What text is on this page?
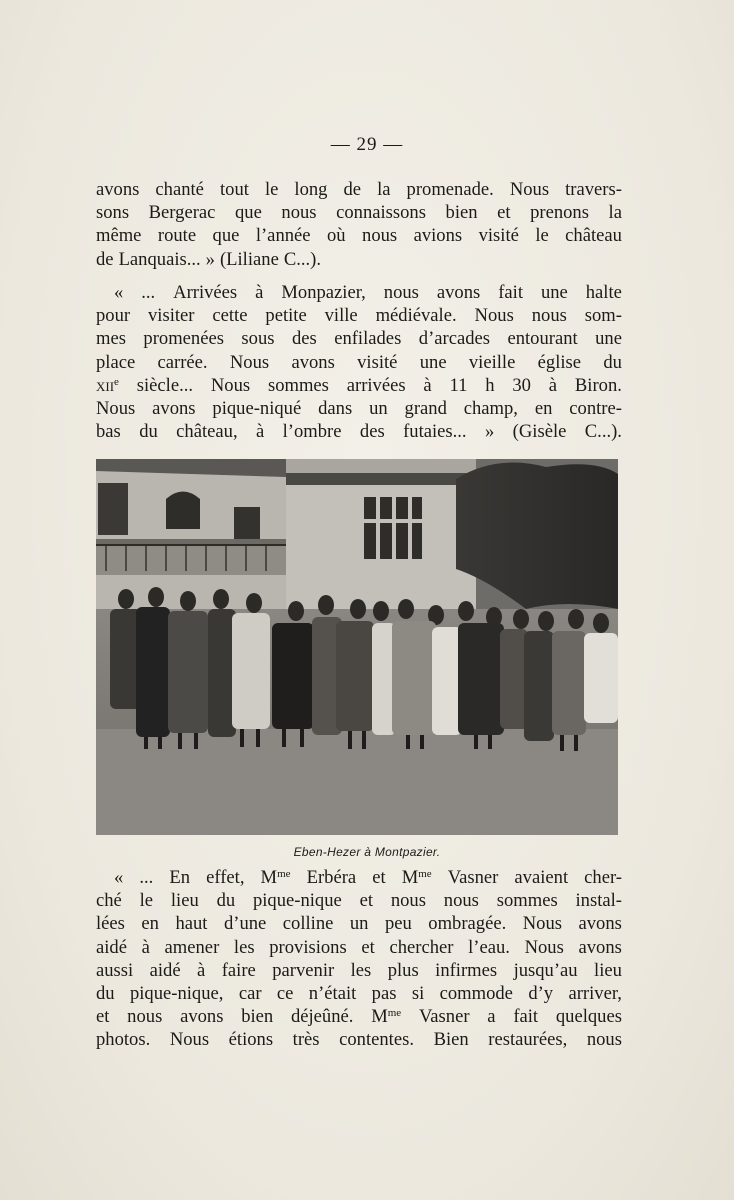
— 29 —
avons chanté tout le long de la promenade. Nous travers-
sons Bergerac que nous connaissons bien et prenons la
même route que l’année où nous avions visité le château
de Lanquais... » (Liliane C...).
« ... Arrivées à Monpazier, nous avons fait une halte
pour visiter cette petite ville médiévale. Nous nous som-
mes promenées sous des enfilades d’arcades entourant une
place carrée. Nous avons visité une vieille église du
xii$^e$ siècle... Nous sommes arrivées à 11 h 30 à Biron.
Nous avons pique-niqué dans un grand champ, en contre-
bas du château, à l’ombre des futaies... » (Gisèle C...).
Eben-Hezer à Montpazier.
« ... En effet, $M^{me}$ Erbéra et $M^{me}$ Vasner avaient cher-
ché le lieu du pique-nique et nous nous sommes instal-
lées en haut d’une colline un peu ombragée. Nous avons
aidé à amener les provisions et chercher l’eau. Nous avons
aussi aidé à faire parvenir les plus infirmes jusqu’au lieu
du pique-nique, car ce n’était pas si commode d’y arriver,
et nous avons bien déjeûné. $M^{me}$ Vasner a fait quelques
photos. Nous étions très contentes. Bien restaurées, nous
